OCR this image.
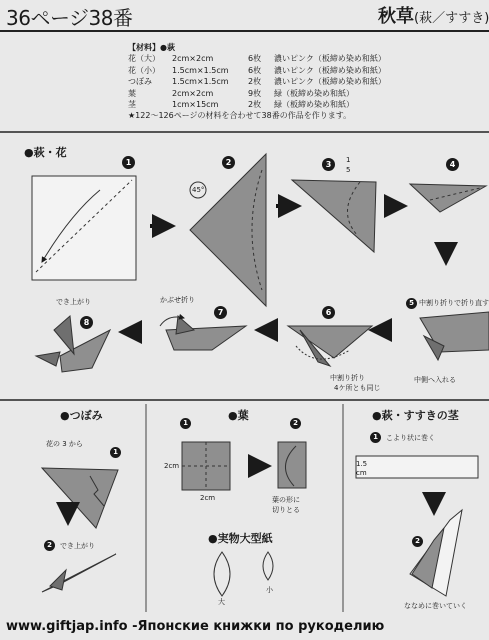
36ページ38番	秋草(萩／すすき)
【材料】●萩
花（大）	2cm×2cm	6枚	濃いピンク（板締め染め和紙）
花（小）	1.5cm×1.5cm	6枚	濃いピンク（板締め染め和紙）
つぼみ	1.5cm×1.5cm	2枚	濃いピンク（板締め染め和紙）
葉	2cm×2cm	9枚	緑（板締め染め和紙）
茎	1cm×15cm	2枚	緑（板締め染め和紙）
★122〜126ページの材料を合わせて38番の作品を作ります。
●萩・花
●つぼみ	●葉	●萩・すすきの茎
●実物大型紙
1	2	3	4
5
6
7
8
1
2
1	2
1
2
45°
1
5
中割り折りで折り直す
中側へ入れる
中割り折り
4ケ所とも同じ
かぶせ折り
でき上がり
花の 3 から
でき上がり
2cm
2cm	葉の形に
切りとる
大
小
こより状に巻く
1.5
cm
ななめに巻いていく
www.giftjap.info -Японские книжки по рукоделию
